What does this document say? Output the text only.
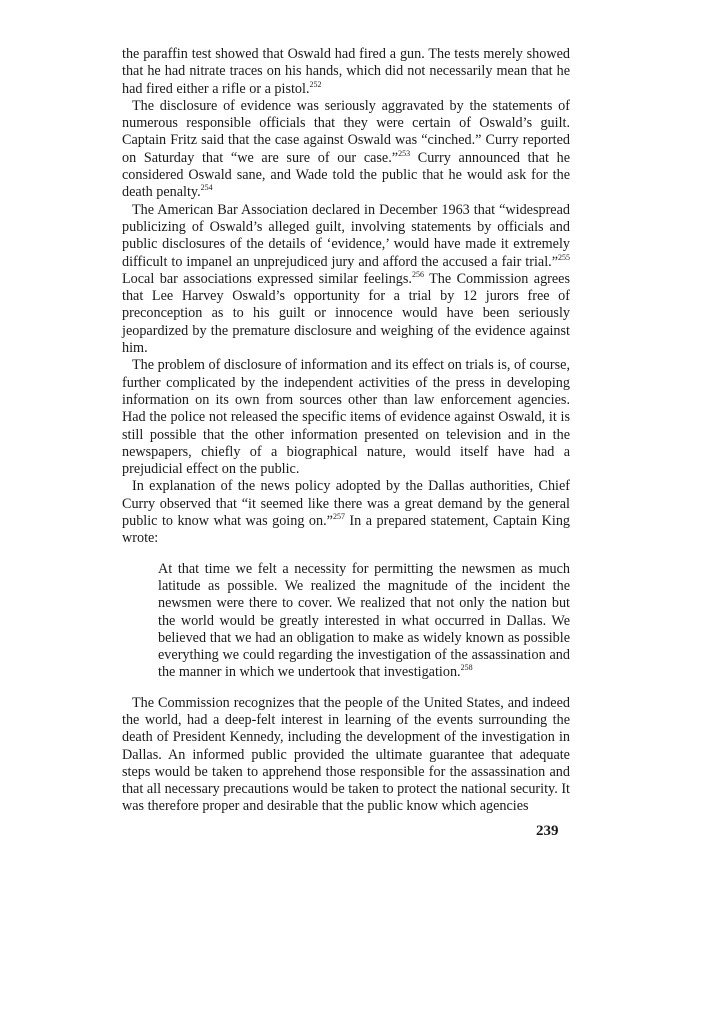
the paraffin test showed that Oswald had fired a gun. The tests merely showed that he had nitrate traces on his hands, which did not necessarily mean that he had fired either a rifle or a pistol.$^{252}$

The disclosure of evidence was seriously aggravated by the statements of numerous responsible officials that they were certain of Oswald’s guilt. Captain Fritz said that the case against Oswald was “cinched.” Curry reported on Saturday that “we are sure of our case.”$^{253}$ Curry announced that he considered Oswald sane, and Wade told the public that he would ask for the death penalty.$^{254}$

The American Bar Association declared in December 1963 that “widespread publicizing of Oswald’s alleged guilt, involving statements by officials and public disclosures of the details of ‘evidence,’ would have made it extremely difficult to impanel an unprejudiced jury and afford the accused a fair trial.”$^{255}$ Local bar associations expressed similar feelings.$^{256}$ The Commission agrees that Lee Harvey Oswald’s opportunity for a trial by 12 jurors free of preconception as to his guilt or innocence would have been seriously jeopardized by the premature disclosure and weighing of the evidence against him.

The problem of disclosure of information and its effect on trials is, of course, further complicated by the independent activities of the press in developing information on its own from sources other than law enforcement agencies. Had the police not released the specific items of evidence against Oswald, it is still possible that the other information presented on television and in the newspapers, chiefly of a biographical nature, would itself have had a prejudicial effect on the public.

In explanation of the news policy adopted by the Dallas authorities, Chief Curry observed that “it seemed like there was a great demand by the general public to know what was going on.”$^{257}$ In a prepared statement, Captain King wrote:

At that time we felt a necessity for permitting the newsmen as much latitude as possible. We realized the magnitude of the incident the newsmen were there to cover. We realized that not only the nation but the world would be greatly interested in what occurred in Dallas. We believed that we had an obligation to make as widely known as possible everything we could regarding the investigation of the assassination and the manner in which we undertook that investigation.$^{258}$

The Commission recognizes that the people of the United States, and indeed the world, had a deep-felt interest in learning of the events surrounding the death of President Kennedy, including the development of the investigation in Dallas. An informed public provided the ultimate guarantee that adequate steps would be taken to apprehend those responsible for the assassination and that all necessary precautions would be taken to protect the national security. It was therefore proper and desirable that the public know which agencies

239
